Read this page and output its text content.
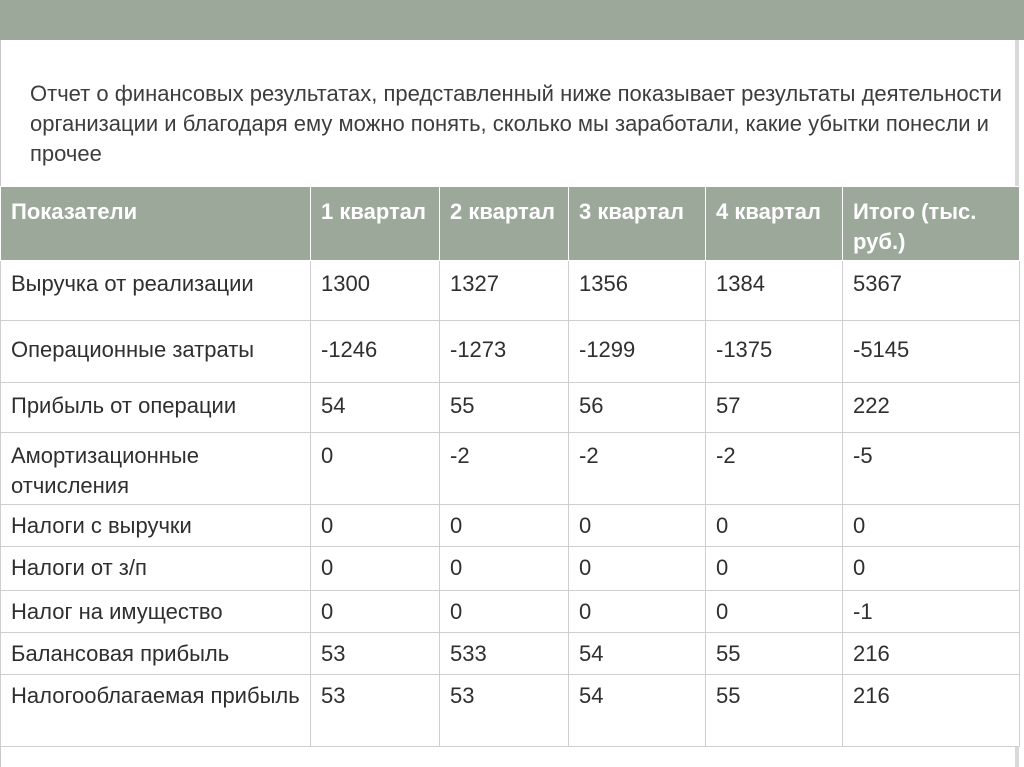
Отчет о финансовых результатах, представленный ниже показывает результаты деятельности организации и благодаря ему можно понять, сколько мы заработали, какие убытки понесли и прочее

Показатели	1 квартал	2 квартал	3 квартал	4 квартал	Итого (тыс. руб.)
Выручка от реализации	1300	1327	1356	1384	5367
Операционные затраты	-1246	-1273	-1299	-1375	-5145
Прибыль от операции	54	55	56	57	222
Амортизационные отчисления	0	-2	-2	-2	-5
Налоги с выручки	0	0	0	0	0
Налоги от з/п	0	0	0	0	0
Налог на имущество	0	0	0	0	-1
Балансовая прибыль	53	533	54	55	216
Налогооблагаемая прибыль	53	53	54	55	216
